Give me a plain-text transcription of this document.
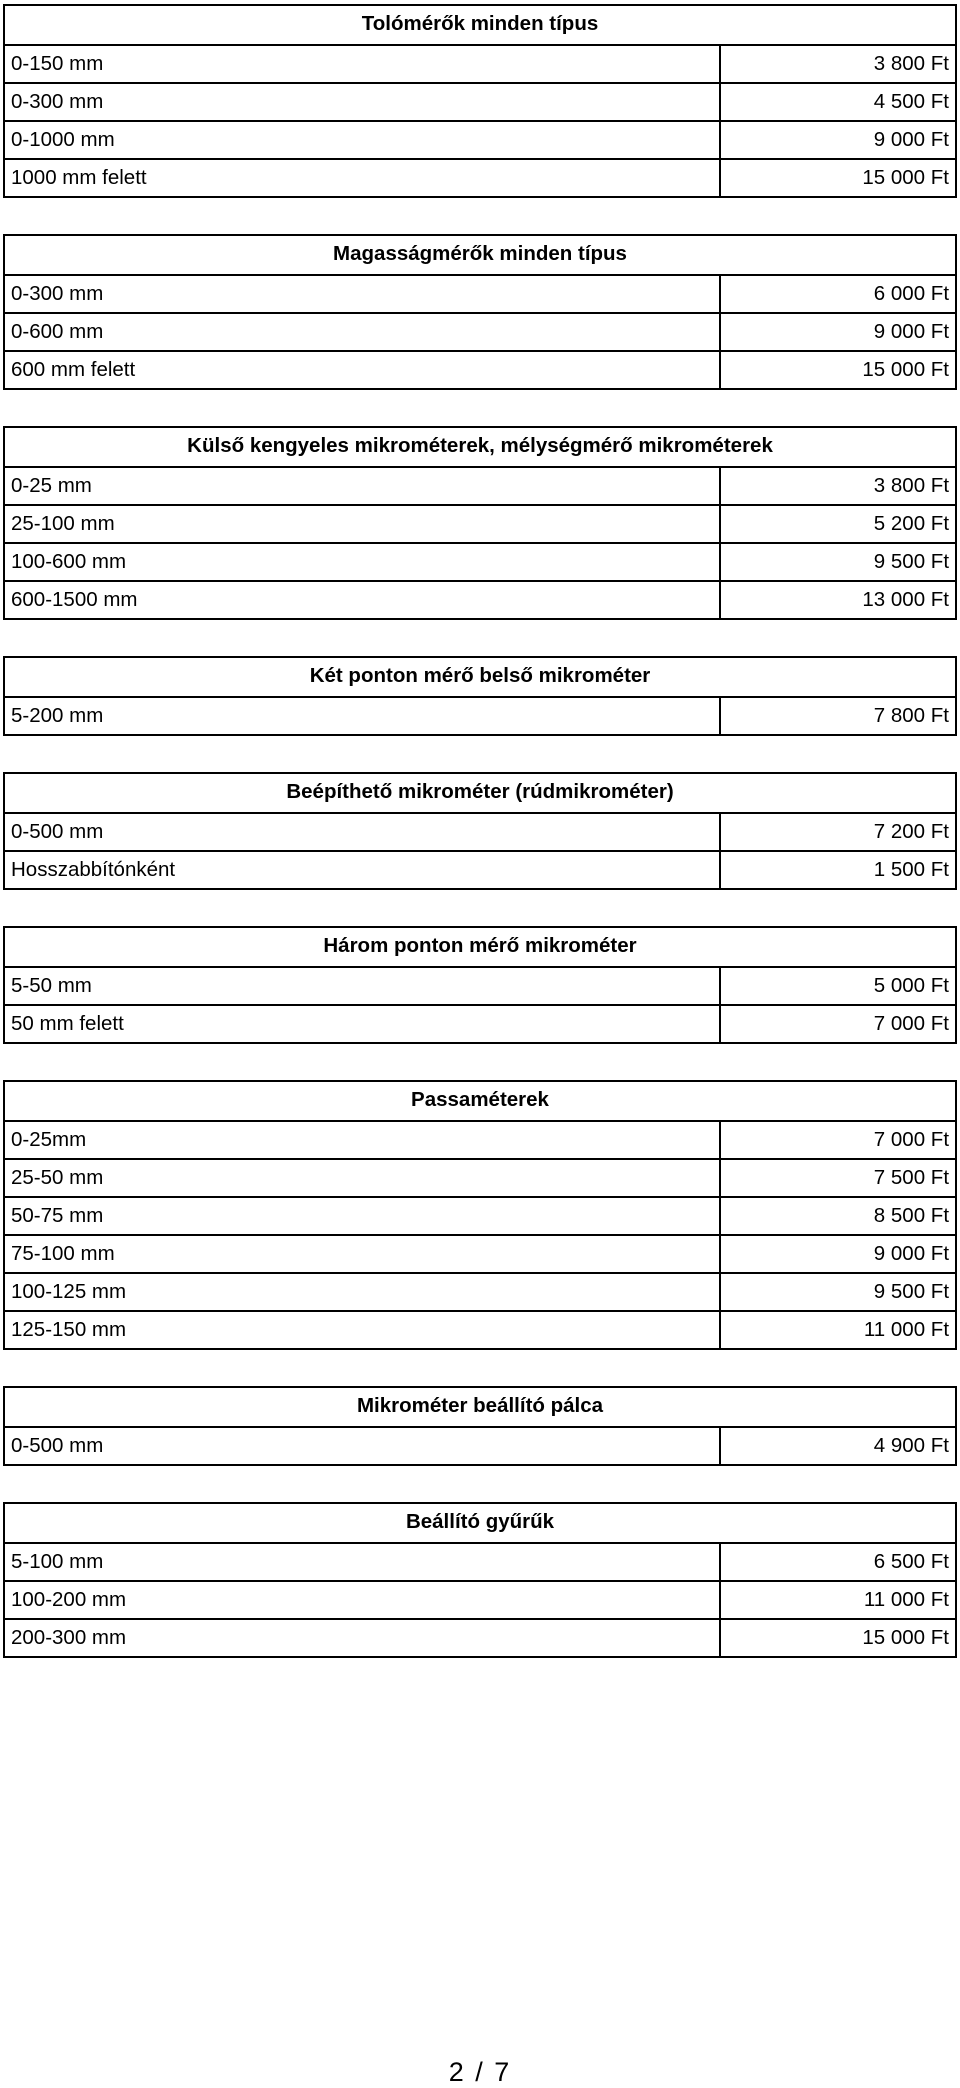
Tolómérők minden típus	
0-150 mm	3 800 Ft
0-300 mm	4 500 Ft
0-1000 mm	9 000 Ft
1000 mm felett	15 000 Ft
Magasságmérők minden típus	
0-300 mm	6 000 Ft
0-600 mm	9 000 Ft
600 mm felett	15 000 Ft
Külső kengyeles mikrométerek, mélységmérő mikrométerek	
0-25 mm	3 800 Ft
25-100 mm	5 200 Ft
100-600 mm	9 500 Ft
600-1500 mm	13 000 Ft
Két ponton mérő belső mikrométer
5-200 mm	7 800 Ft
Beépíthető mikrométer (rúdmikrométer)	
0-500 mm	7 200 Ft
Hosszabbítónként	1 500 Ft
Három ponton mérő mikrométer	
5-50 mm	5 000 Ft
50 mm felett	7 000 Ft
Passaméterek	
0-25mm	7 000 Ft
25-50 mm	7 500 Ft
50-75 mm	8 500 Ft
75-100 mm	9 000 Ft
100-125 mm	9 500 Ft
125-150 mm	11 000 Ft
Mikrométer beállító pálca
0-500 mm	4 900 Ft
Beállító gyűrűk	
5-100 mm	6 500 Ft
100-200 mm	11 000 Ft
200-300 mm	15 000 Ft
2 / 7
